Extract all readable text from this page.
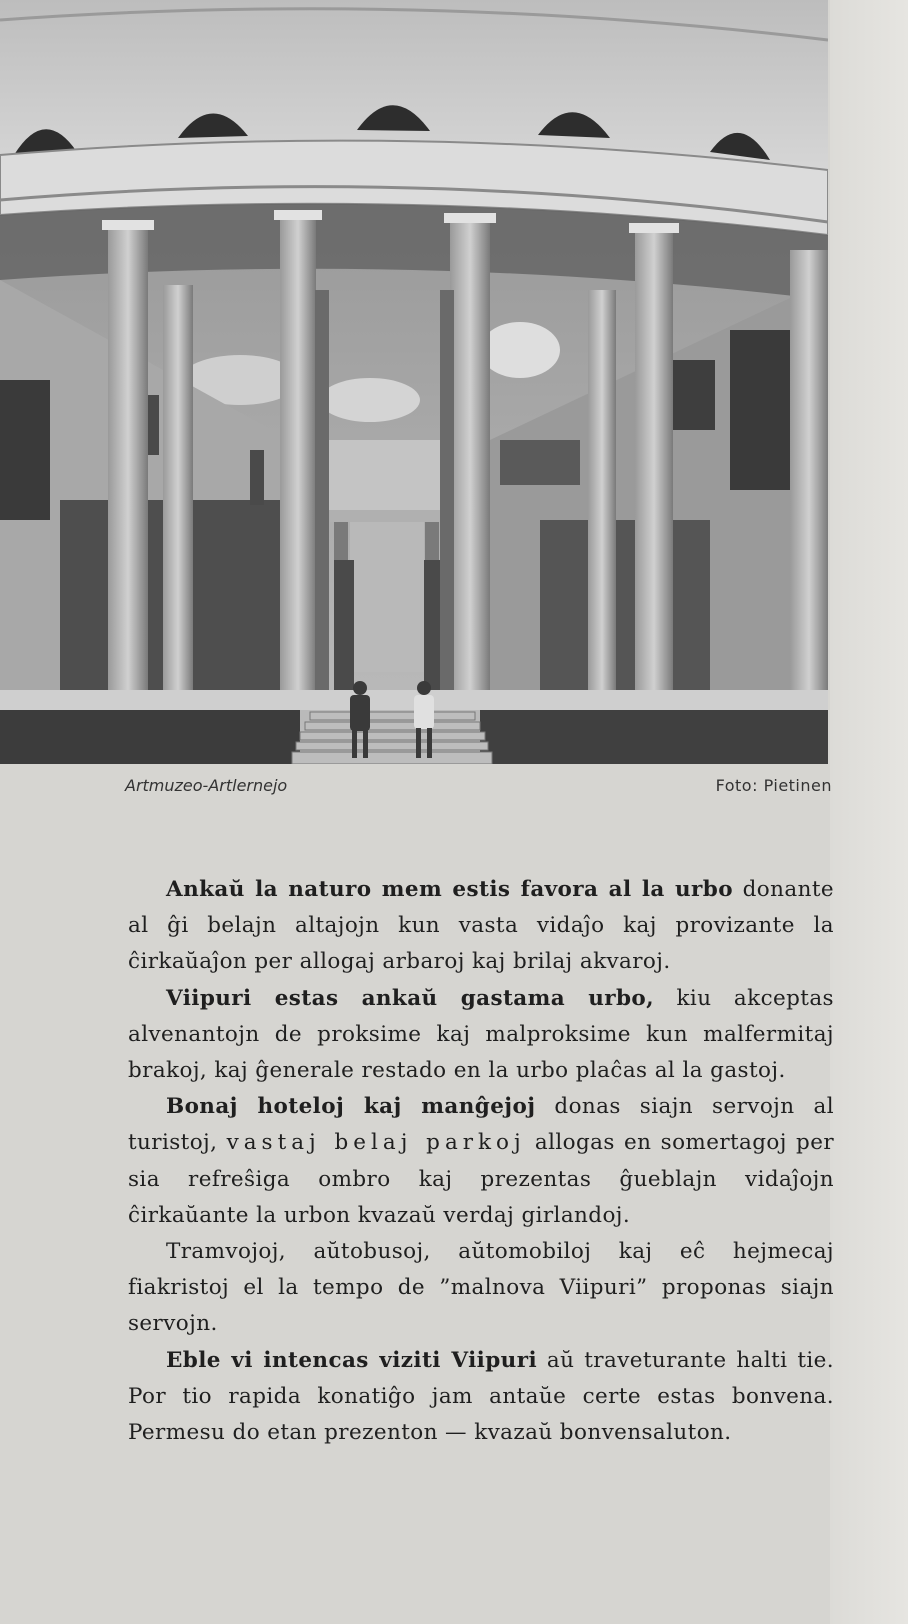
Artmuzeo-Artlernejo	Foto: Pietinen

Ankaŭ la naturo mem estis favora al la urbo donante al ĝi belajn altajojn kun vasta vidaĵo kaj provizante la ĉirkaŭaĵon per allogaj arbaroj kaj brilaj akvaroj.

Viipuri estas ankaŭ gastama urbo, kiu akceptas alvenantojn de proksime kaj malproksime kun malfermitaj brakoj, kaj ĝenerale restado en la urbo plaĉas al la gastoj.

Bonaj hoteloj kaj manĝejoj donas siajn servojn al turistoj, vastaj belaj parkoj allogas en somertagoj per sia refreŝiga ombro kaj prezentas ĝueblajn vidaĵojn ĉirkaŭante la urbon kvazaŭ verdaj girlandoj.

Tramvojoj, aŭtobusoj, aŭtomobiloj kaj eĉ hejmecaj fiakristoj el la tempo de ”malnova Viipuri” proponas siajn servojn.

Eble vi intencas viziti Viipuri aŭ traveturante halti tie. Por tio rapida konatiĝo jam antaŭe certe estas bonvena. Permesu do etan prezenton — kvazaŭ bonvensaluton.
